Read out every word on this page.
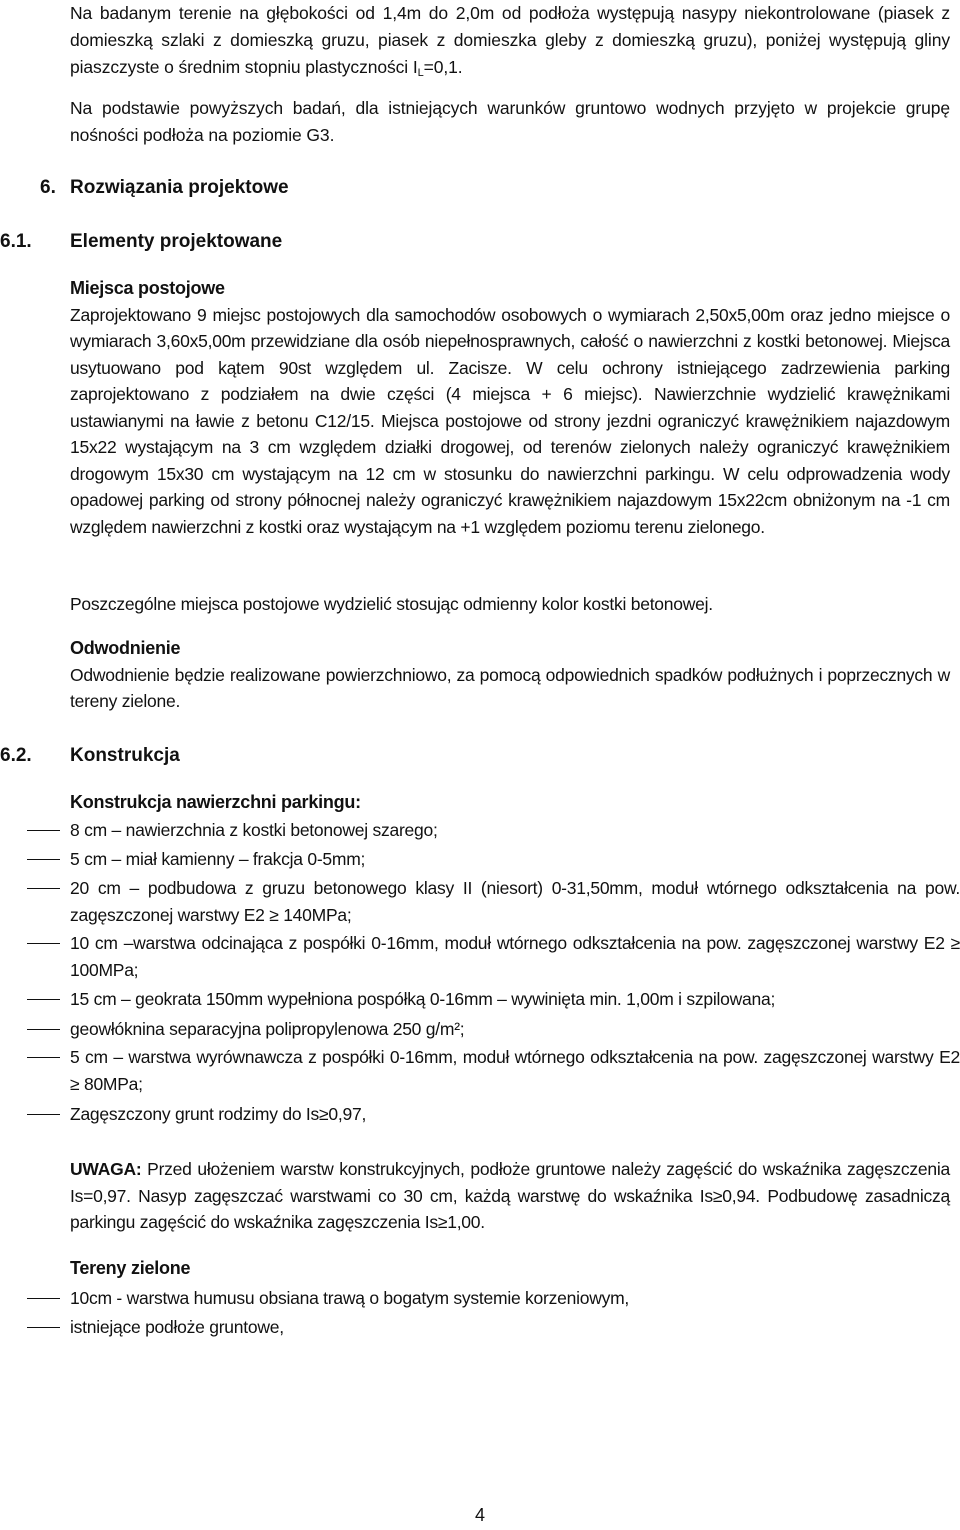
Na badanym terenie na głębokości od 1,4m do 2,0m od podłoża występują nasypy niekontrolowane (piasek z domieszką szlaki z domieszką gruzu, piasek z domieszka gleby z domieszką gruzu), poniżej występują gliny piaszczyste o średnim stopniu plastyczności $I_L=0,1$.
Na podstawie powyższych badań, dla istniejących warunków gruntowo wodnych przyjęto w projekcie grupę nośności podłoża na poziomie G3.
6. Rozwiązania projektowe
6.1. Elementy projektowane
Miejsca postojowe
Zaprojektowano 9 miejsc postojowych dla samochodów osobowych o wymiarach 2,50x5,00m oraz jedno miejsce o wymiarach 3,60x5,00m przewidziane dla osób niepełnosprawnych, całość o nawierzchni z kostki betonowej. Miejsca usytuowano pod kątem 90st względem ul. Zacisze. W celu ochrony istniejącego zadrzewienia parking zaprojektowano z podziałem na dwie części (4 miejsca + 6 miejsc). Nawierzchnie wydzielić krawężnikami ustawianymi na ławie z betonu C12/15. Miejsca postojowe od strony jezdni ograniczyć krawężnikiem najazdowym 15x22 wystającym na 3 cm względem działki drogowej, od terenów zielonych należy ograniczyć krawężnikiem drogowym 15x30 cm wystającym na 12 cm w stosunku do nawierzchni parkingu. W celu odprowadzenia wody opadowej parking od strony północnej należy ograniczyć krawężnikiem najazdowym 15x22cm obniżonym na -1 cm względem nawierzchni z kostki oraz wystającym na +1 względem poziomu terenu zielonego.
Poszczególne miejsca postojowe wydzielić stosując odmienny kolor kostki betonowej.
Odwodnienie
Odwodnienie będzie realizowane powierzchniowo, za pomocą odpowiednich spadków podłużnych i poprzecznych w tereny zielone.
6.2. Konstrukcja
Konstrukcja nawierzchni parkingu:
8 cm – nawierzchnia z kostki betonowej szarego;
5 cm – miał kamienny – frakcja 0-5mm;
20 cm – podbudowa z gruzu betonowego klasy II (niesort) 0-31,50mm, moduł wtórnego odkształcenia na pow. zagęszczonej warstwy E2 ≥ 140MPa;
10 cm –warstwa odcinająca z pospółki 0-16mm, moduł wtórnego odkształcenia na pow. zagęszczonej warstwy E2 ≥ 100MPa;
15 cm – geokrata 150mm wypełniona pospółką 0-16mm – wywinięta min. 1,00m i szpilowana;
geowłóknina separacyjna polipropylenowa 250 g/m²;
5 cm – warstwa wyrównawcza z pospółki 0-16mm, moduł wtórnego odkształcenia na pow. zagęszczonej warstwy E2 ≥ 80MPa;
Zagęszczony grunt rodzimy do Is≥0,97,
UWAGA: Przed ułożeniem warstw konstrukcyjnych, podłoże gruntowe należy zagęścić do wskaźnika zagęszczenia Is=0,97. Nasyp zagęszczać warstwami co 30 cm, każdą warstwę do wskaźnika Is≥0,94. Podbudowę zasadniczą parkingu zagęścić do wskaźnika zagęszczenia Is≥1,00.
Tereny zielone
10cm - warstwa humusu obsiana trawą o bogatym systemie korzeniowym,
istniejące podłoże gruntowe,
4
